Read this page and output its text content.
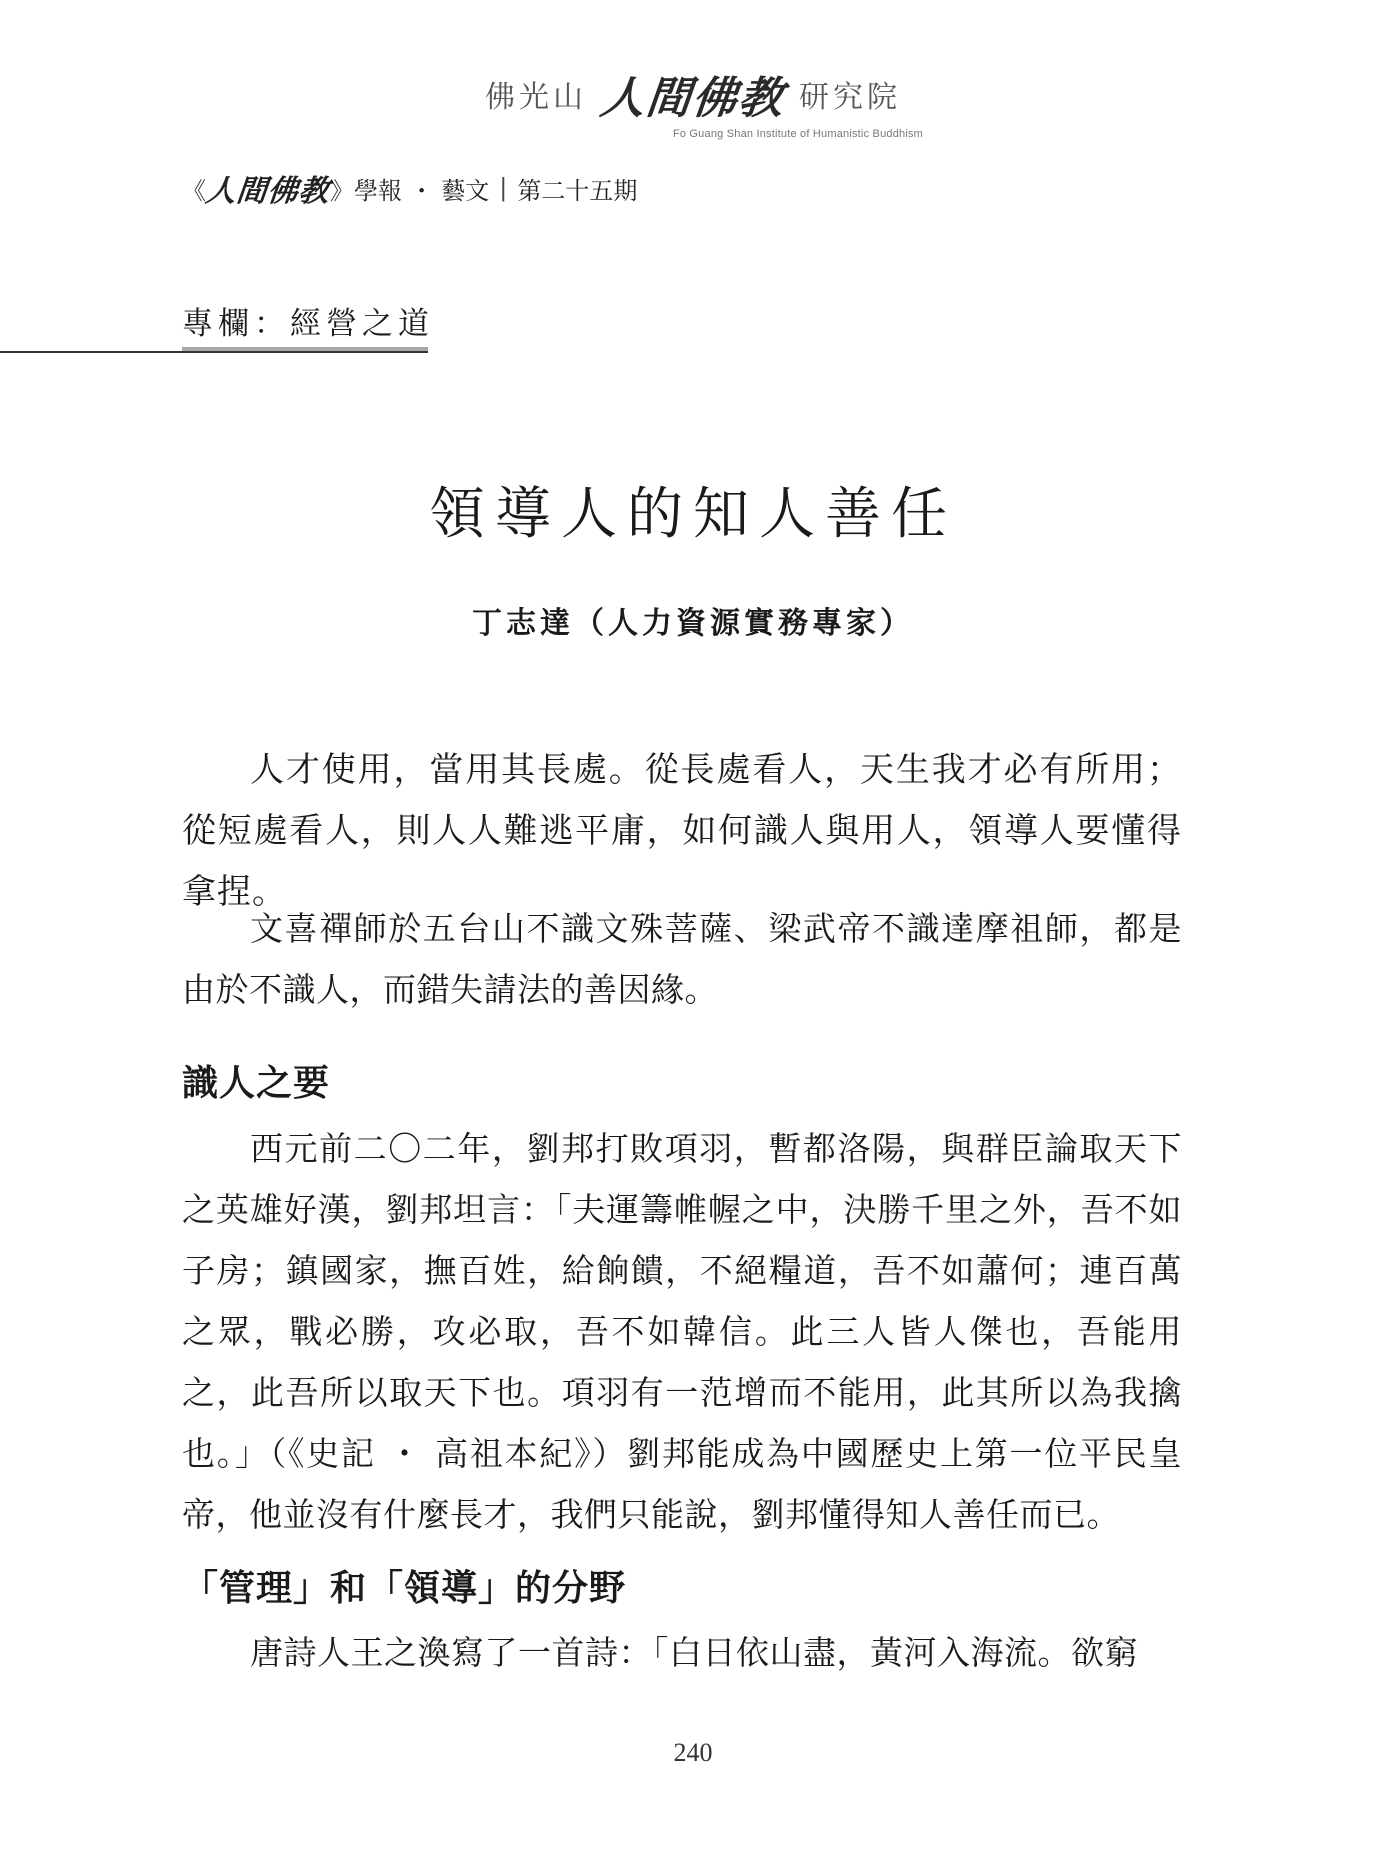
佛光山 人間佛教 研究院
Fo Guang Shan Institute of Humanistic Buddhism
《
人間佛教
》學報 ・ 藝文 | 第二十五期
專欄：經營之道
領導人的知人善任
丁志達（人力資源實務專家）

人才使用，當用其長處。從長處看人，天生我才必有所用；從短處看人，則人人難逃平庸，如何識人與用人，領導人要懂得拿捏。

文喜禪師於五台山不識文殊菩薩、梁武帝不識達摩祖師，都是由於不識人，而錯失請法的善因緣。

識人之要

西元前二〇二年，劉邦打敗項羽，暫都洛陽，與群臣論取天下之英雄好漢，劉邦坦言：「夫運籌帷幄之中，決勝千里之外，吾不如子房；鎮國家，撫百姓，給餉饋，不絕糧道，吾不如蕭何；連百萬之眾，戰必勝，攻必取，吾不如韓信。此三人皆人傑也，吾能用之，此吾所以取天下也。項羽有一范增而不能用，此其所以為我擒也。」（《史記 ・ 高祖本紀》）劉邦能成為中國歷史上第一位平民皇帝，他並沒有什麼長才，我們只能說，劉邦懂得知人善任而已。

「管理」和「領導」的分野

唐詩人王之渙寫了一首詩：「白日依山盡，黃河入海流。欲窮

240
